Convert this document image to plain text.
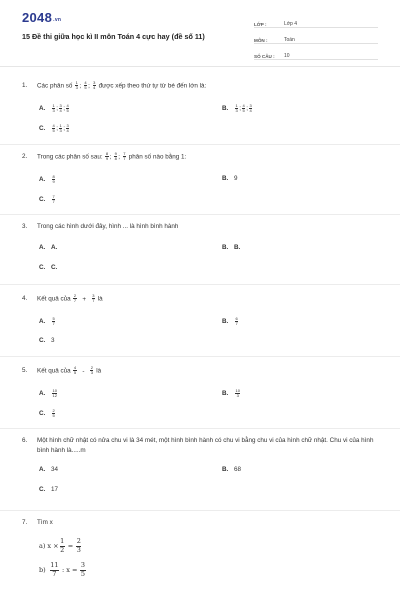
$2048^{.vn}$
15 Đề thi giữa học kì II môn Toán 4 cực hay (đề số 11)
LỚP :	Lớp 4
MÔN :	Toán
SỐ CÂU :	10
1.	Các phân số $\frac{1}{3}$ ; $\frac{4}{5}$ ; $\frac{3}{4}$ được xếp theo thứ tự từ bé đến lớn là:
A.	$\frac{1}{3}$ ; $\frac{3}{4}$ ; $\frac{4}{5}$	B.	$\frac{1}{3}$ ; $\frac{4}{5}$ ; $\frac{3}{4}$
C.	$\frac{4}{5}$ ; $\frac{1}{3}$ ; $\frac{3}{4}$
2.	Trong các phân số sau: $\frac{8}{9}$ ; $\frac{9}{8}$ ; $\frac{7}{7}$ phân số nào bằng 1:
A.	$\frac{8}{9}$	B. 9
C.	$\frac{7}{7}$
3.	Trong các hình dưới đây, hình ... là hình bình hành
A. A.	B. B.
C. C.
4.	Kết quả của $\frac{2}{7} + \frac{3}{7}$ là
A.	$\frac{5}{7}$	B.	$\frac{6}{7}$
C. 3
5.	Kết quả của $\frac{4}{5} - \frac{2}{3}$ là
A.	$\frac{10}{12}$	B.	$\frac{10}{3}$
C.	$\frac{2}{5}$
6.	Một hình chữ nhật có nửa chu vi là 34 mét, một hình bình hành có chu vi bằng chu vi của hình chữ nhật. Chu vi của hình bình hành là.....m
A. 34	B. 68
C. 17
7.	Tìm x
a) $x \times \frac{1}{2} = \frac{2}{3}$
$b) \frac{11}{7}$ : $x = \frac{3}{5}$
